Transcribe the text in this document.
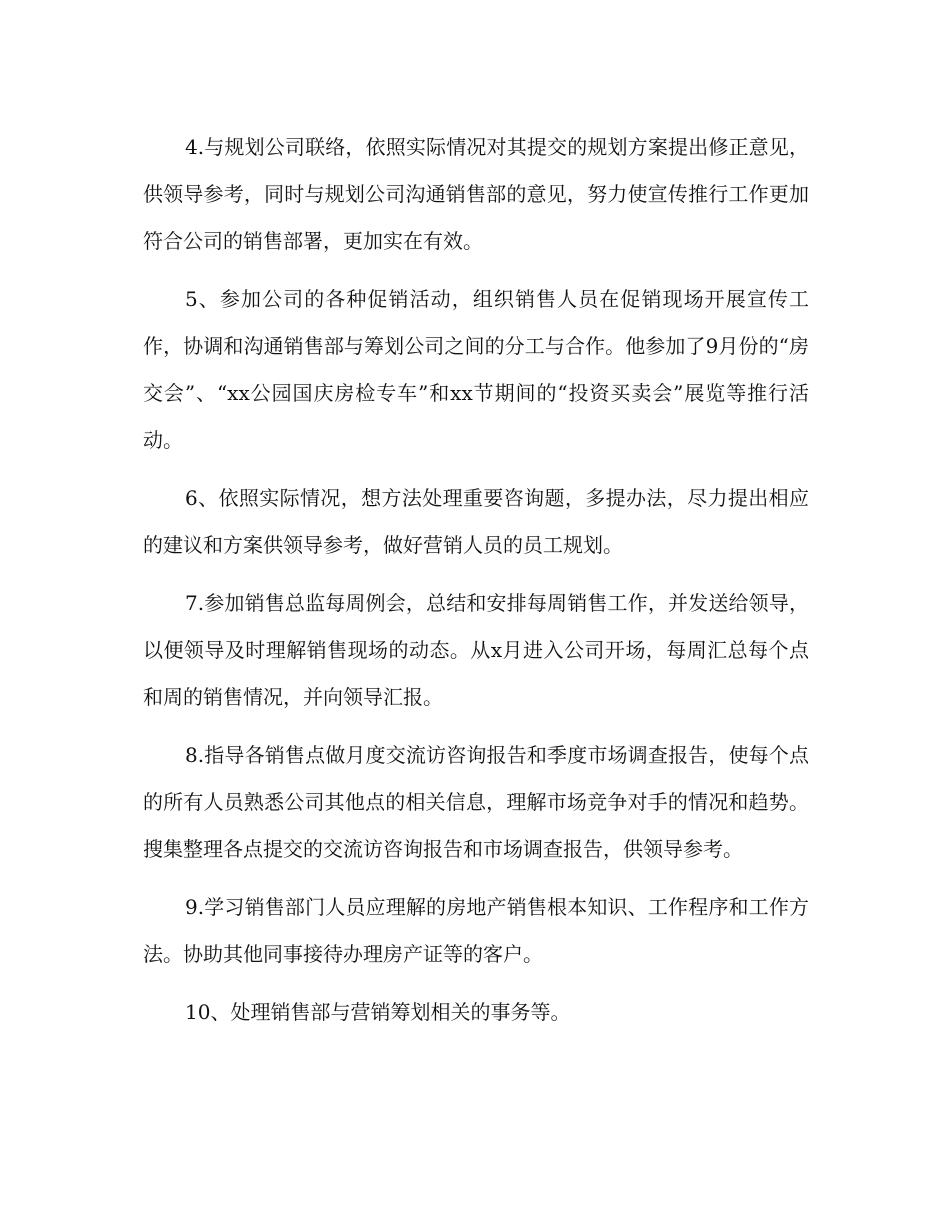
4.与规划公司联络，依照实际情况对其提交的规划方案提出修正意见，供领导参考，同时与规划公司沟通销售部的意见，努力使宣传推行工作更加符合公司的销售部署，更加实在有效。

5、参加公司的各种促销活动，组织销售人员在促销现场开展宣传工作，协调和沟通销售部与筹划公司之间的分工与合作。他参加了9月份的“房交会”、“xx公园国庆房检专车”和xx节期间的“投资买卖会”展览等推行活动。

6、依照实际情况，想方法处理重要咨询题，多提办法，尽力提出相应的建议和方案供领导参考，做好营销人员的员工规划。

7.参加销售总监每周例会，总结和安排每周销售工作，并发送给领导，以便领导及时理解销售现场的动态。从x月进入公司开场，每周汇总每个点和周的销售情况，并向领导汇报。

8.指导各销售点做月度交流访咨询报告和季度市场调查报告，使每个点的所有人员熟悉公司其他点的相关信息，理解市场竞争对手的情况和趋势。搜集整理各点提交的交流访咨询报告和市场调查报告，供领导参考。

9.学习销售部门人员应理解的房地产销售根本知识、工作程序和工作方法。协助其他同事接待办理房产证等的客户。

10、处理销售部与营销筹划相关的事务等。
